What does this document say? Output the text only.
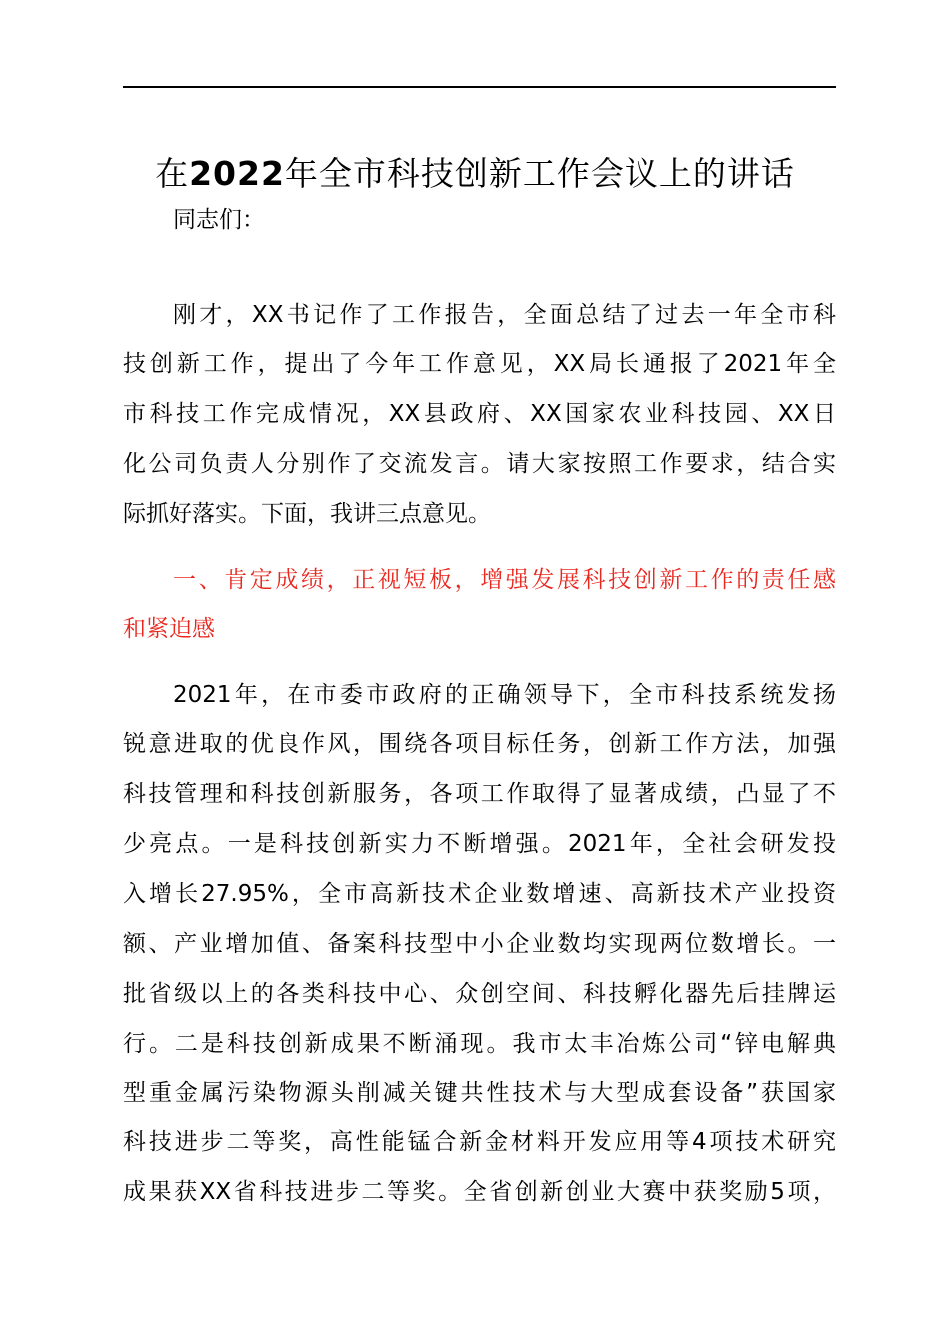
在2022年全市科技创新工作会议上的讲话
同志们：
刚才，XX书记作了工作报告，全面总结了过去一年全市科
技创新工作，提出了今年工作意见，XX局长通报了2021年全
市科技工作完成情况，XX县政府、XX国家农业科技园、XX日
化公司负责人分别作了交流发言。请大家按照工作要求，结合实
际抓好落实。下面，我讲三点意见。
一、肯定成绩，正视短板，增强发展科技创新工作的责任感
和紧迫感
2021年，在市委市政府的正确领导下，全市科技系统发扬
锐意进取的优良作风，围绕各项目标任务，创新工作方法，加强
科技管理和科技创新服务，各项工作取得了显著成绩，凸显了不
少亮点。一是科技创新实力不断增强。2021年，全社会研发投
入增长27.95%，全市高新技术企业数增速、高新技术产业投资
额、产业增加值、备案科技型中小企业数均实现两位数增长。一
批省级以上的各类科技中心、众创空间、科技孵化器先后挂牌运
行。二是科技创新成果不断涌现。我市太丰冶炼公司“锌电解典
型重金属污染物源头削减关键共性技术与大型成套设备”获国家
科技进步二等奖，高性能锰合新金材料开发应用等4项技术研究
成果获XX省科技进步二等奖。全省创新创业大赛中获奖励5项，
